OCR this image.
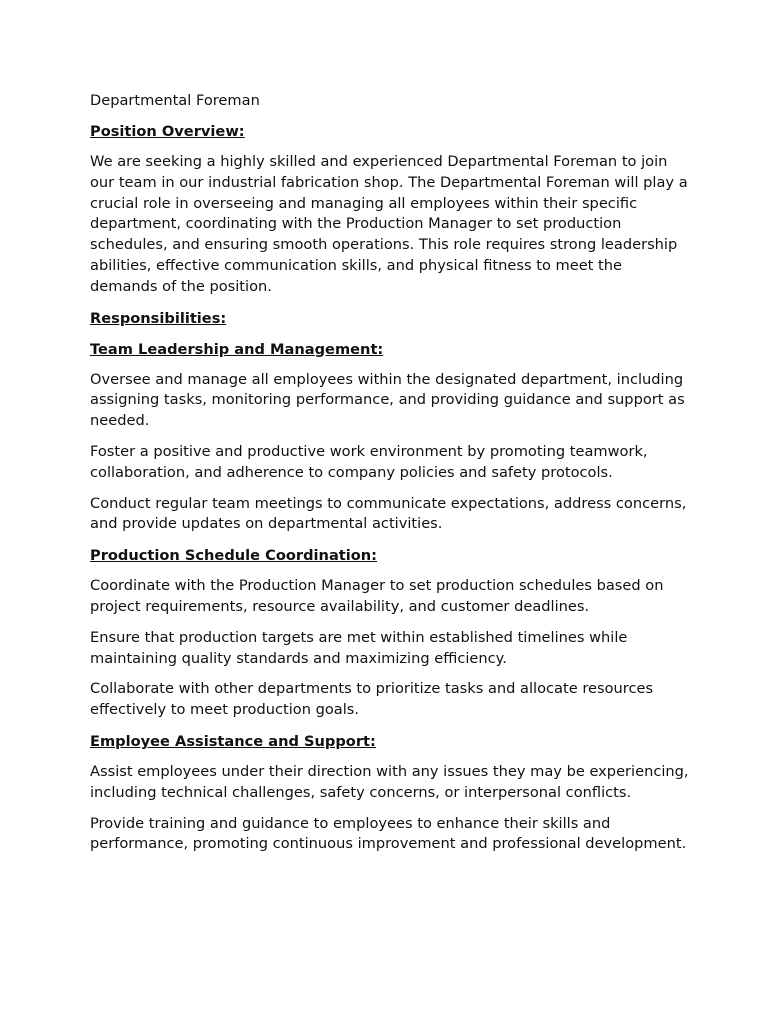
Departmental Foreman
Position Overview:

We are seeking a highly skilled and experienced Departmental Foreman to join our team in our industrial fabrication shop. The Departmental Foreman will play a crucial role in overseeing and managing all employees within their specific department, coordinating with the Production Manager to set production schedules, and ensuring smooth operations. This role requires strong leadership abilities, effective communication skills, and physical fitness to meet the demands of the position.

Responsibilities:
Team Leadership and Management:

Oversee and manage all employees within the designated department, including assigning tasks, monitoring performance, and providing guidance and support as needed.

Foster a positive and productive work environment by promoting teamwork, collaboration, and adherence to company policies and safety protocols.

Conduct regular team meetings to communicate expectations, address concerns, and provide updates on departmental activities.

Production Schedule Coordination:

Coordinate with the Production Manager to set production schedules based on project requirements, resource availability, and customer deadlines.

Ensure that production targets are met within established timelines while maintaining quality standards and maximizing efficiency.

Collaborate with other departments to prioritize tasks and allocate resources effectively to meet production goals.

Employee Assistance and Support:

Assist employees under their direction with any issues they may be experiencing, including technical challenges, safety concerns, or interpersonal conflicts.

Provide training and guidance to employees to enhance their skills and performance, promoting continuous improvement and professional development.
